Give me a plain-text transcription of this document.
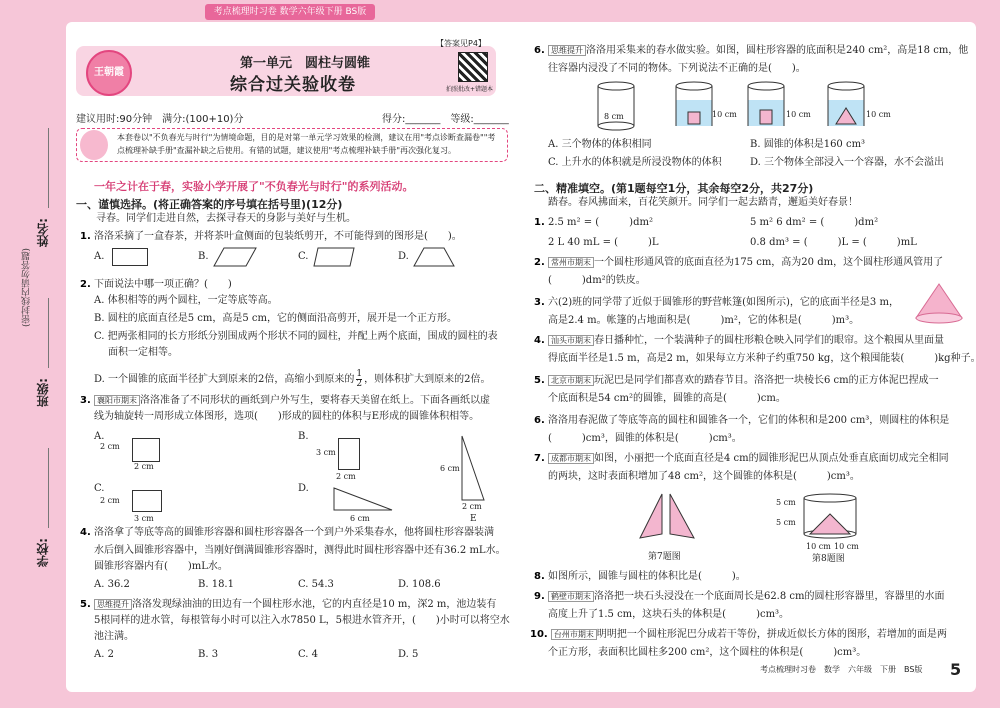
考点梳理时习卷 数学六年级下册 BS版
姓名:
班级:
学校:
(密封线内请勿答题)
王朝霞
第一单元　圆柱与圆锥
综合过关验收卷
【答案见P4】
拍照批改+错题本
建议用时:90分钟　满分:(100+10)分	得分:_______　等级:_______
本套卷以"不负春光与时行"为情境命题，目的是对第一单元学习效果的检测，建议在用"考点诊断查漏卷""考
点梳理补缺手册"查漏补缺之后使用。有错的试题，建议使用"考点梳理补缺手册"再次强化复习。
一年之计在于春，实验小学开展了"不负春光与时行"的系列活动。
一、谨慎选择。(将正确答案的序号填在括号里)(12分)
寻春。同学们走进自然，去探寻春天的身影与美好与生机。
1. 洛洛采摘了一盒春茶，并将茶叶盒侧面的包装纸剪开，不可能得到的图形是(　　)。
A.	B.	C.	D.
2. 下面说法中哪一项正确？(　　)
A. 体积相等的两个圆柱，一定等底等高。
B. 圆柱的底面直径是5 cm，高是5 cm，它的侧面沿高剪开，展开是一个正方形。
C. 把两张相同的长方形纸分别围成两个形状不同的圆柱，并配上两个底面，围成的圆柱的表
面积一定相等。
D. 一个圆锥的底面半径扩大到原来的2倍，高缩小到原来的 $\frac{1}{2}$ ，则体积扩大到原来的2倍。
3. 襄阳市期末 洛洛准备了不同形状的画纸到户外写生，要将春天美留在纸上。下面各画纸以虚
线为轴旋转一周形成立体图形，选项(　　)形成的圆柱的体积与E形成的圆锥体积相等。
A.
2 cm
2 cm
B.
3 cm
2 cm
6 cm
2 cm
E
C.
2 cm
3 cm
D.
6 cm
4. 洛洛拿了等底等高的圆锥形容器和圆柱形容器各一个到户外采集春水，他将圆柱形容器装满
水后倒入圆锥形容器中，当刚好倒满圆锥形容器时，测得此时圆柱形容器中还有36.2 mL水。
圆锥形容器内有(　　)mL水。
A. 36.2	B. 18.1	C. 54.3	D. 108.6
5. 思维提升 洛洛发现绿油油的田边有一个圆柱形水池，它的内直径是10 m，深2 m，池边装有
5根同样的进水管，每根管每小时可以注入水7850 L，5根进水管齐开，(　　)小时可以将空水
池注满。
A. 2	B. 3	C. 4	D. 5
6. 思维提升 洛洛用采集来的春水做实验。如图，圆柱形容器的底面积是240 cm²，高是18 cm，他
往容器内浸没了不同的物体。下列说法不正确的是(　　)。
8 cm	10 cm	10 cm	10 cm
A. 三个物体的体积相同	B. 圆锥的体积是160 cm³
C. 上升水的体积就是所浸没物体的体积	D. 三个物体全部浸入一个容器，水不会溢出
二、精准填空。(第1题每空1分，其余每空2分，共27分)
踏春。春风拂面来，百花笑颜开。同学们一起去踏青，邂逅美好春景！
1. 2.5 m² = (　　　)dm²	5 m² 6 dm² = (　　　)dm²
2 L 40 mL = (　　　)L	0.8 dm³ = (　　　)L = (　　　)mL
2. 常州市期末 一个圆柱形通风管的底面直径为175 cm，高为20 dm，这个圆柱形通风管用了
(　　　)dm²的铁皮。
3. 六(2)班的同学带了近似于圆锥形的野营帐篷(如图所示)，它的底面半径是3 m，
高是2.4 m。帐篷的占地面积是(　　　)m²，它的体积是(　　　)m³。
4. 汕头市期末 春日播种忙，一个装满种子的圆柱形粮仓映入同学们的眼帘。这个粮囤从里面量
得底面半径是1.5 m，高是2 m，如果每立方米种子约重750 kg，这个粮囤能装(　　　)kg种子。
5. 北京市期末 玩泥巴是同学们都喜欢的踏春节目。洛洛把一块棱长6 cm的正方体泥巴捏成一
个底面积是54 cm²的圆锥，圆锥的高是(　　　)cm。
6. 洛洛用春泥做了等底等高的圆柱和圆锥各一个，它们的体积和是200 cm³，则圆柱的体积是
(　　　)cm³，圆锥的体积是(　　　)cm³。
7. 成都市期末 如图，小丽把一个底面直径是4 cm的圆锥形泥巴从顶点处垂直底面切成完全相同
的两块，这时表面积增加了48 cm²，这个圆锥的体积是(　　　)cm³。
第7题图
5 cm
5 cm
10 cm 10 cm
第8题图
8. 如图所示，圆锥与圆柱的体积比是(　　　)。
9. 鹤壁市期末 洛洛把一块石头浸没在一个底面周长是62.8 cm的圆柱形容器里，容器里的水面
高度上升了1.5 cm，这块石头的体积是(　　　)cm³。
10. 台州市期末 明明把一个圆柱形泥巴分成若干等份，拼成近似长方体的图形，若增加的面是两
个正方形，表面积比圆柱多200 cm²，这个圆柱的体积是(　　　)cm³。
考点梳理时习卷　数学　六年级　下册　BS版 5
